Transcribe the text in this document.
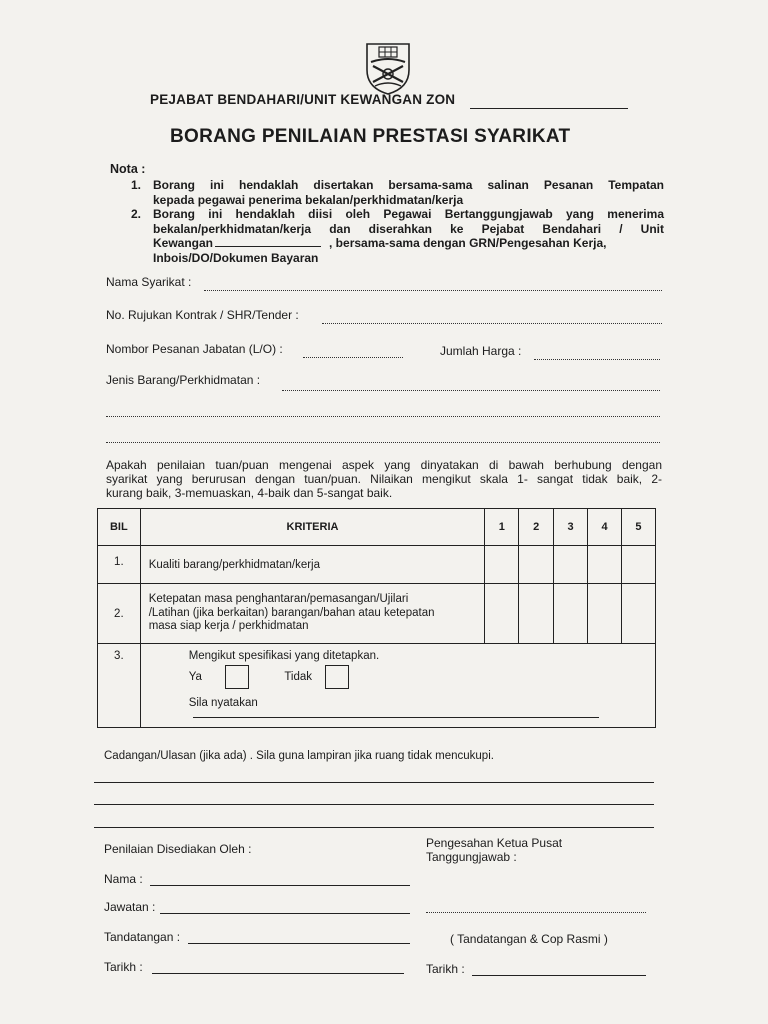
PEJABAT BENDAHARI/UNIT KEWANGAN ZON
BORANG PENILAIAN PRESTASI SYARIKAT
Nota :
1. Borang ini hendaklah disertakan bersama-sama salinan Pesanan Tempatan
kepada pegawai penerima bekalan/perkhidmatan/kerja
2. Borang ini hendaklah diisi oleh Pegawai Bertanggungjawab yang menerima
bekalan/perkhidmatan/kerja dan diserahkan ke Pejabat Bendahari / Unit
Kewangan	, bersama-sama dengan GRN/Pengesahan Kerja,
Inbois/DO/Dokumen Bayaran
Nama Syarikat :
No. Rujukan Kontrak / SHR/Tender :
Nombor Pesanan Jabatan (L/O) :	Jumlah Harga :
Jenis Barang/Perkhidmatan :
Apakah penilaian tuan/puan mengenai aspek yang dinyatakan di bawah berhubung dengan
syarikat yang berurusan dengan tuan/puan. Nilaikan mengikut skala 1- sangat tidak baik, 2-
kurang baik, 3-memuaskan, 4-baik dan 5-sangat baik.
BIL	KRITERIA	1	2	3	4	5
1.	Kualiti barang/perkhidmatan/kerja					
2.	Ketepatan masa penghantaran/pemasangan/Ujilari
/Latihan (jika berkaitan) barangan/bahan atau ketepatan
masa siap kerja / perkhidmatan					

3.	Mengikut spesifikasi yang ditetapkan.
Ya Tidak
Sila nyatakan					
Cadangan/Ulasan (jika ada) . Sila guna lampiran jika ruang tidak mencukupi.
Penilaian Disediakan Oleh :
Nama :
Jawatan :
Tandatangan :
Tarikh :
Pengesahan Ketua Pusat
Tanggungjawab :
( Tandatangan & Cop Rasmi )
Tarikh :
